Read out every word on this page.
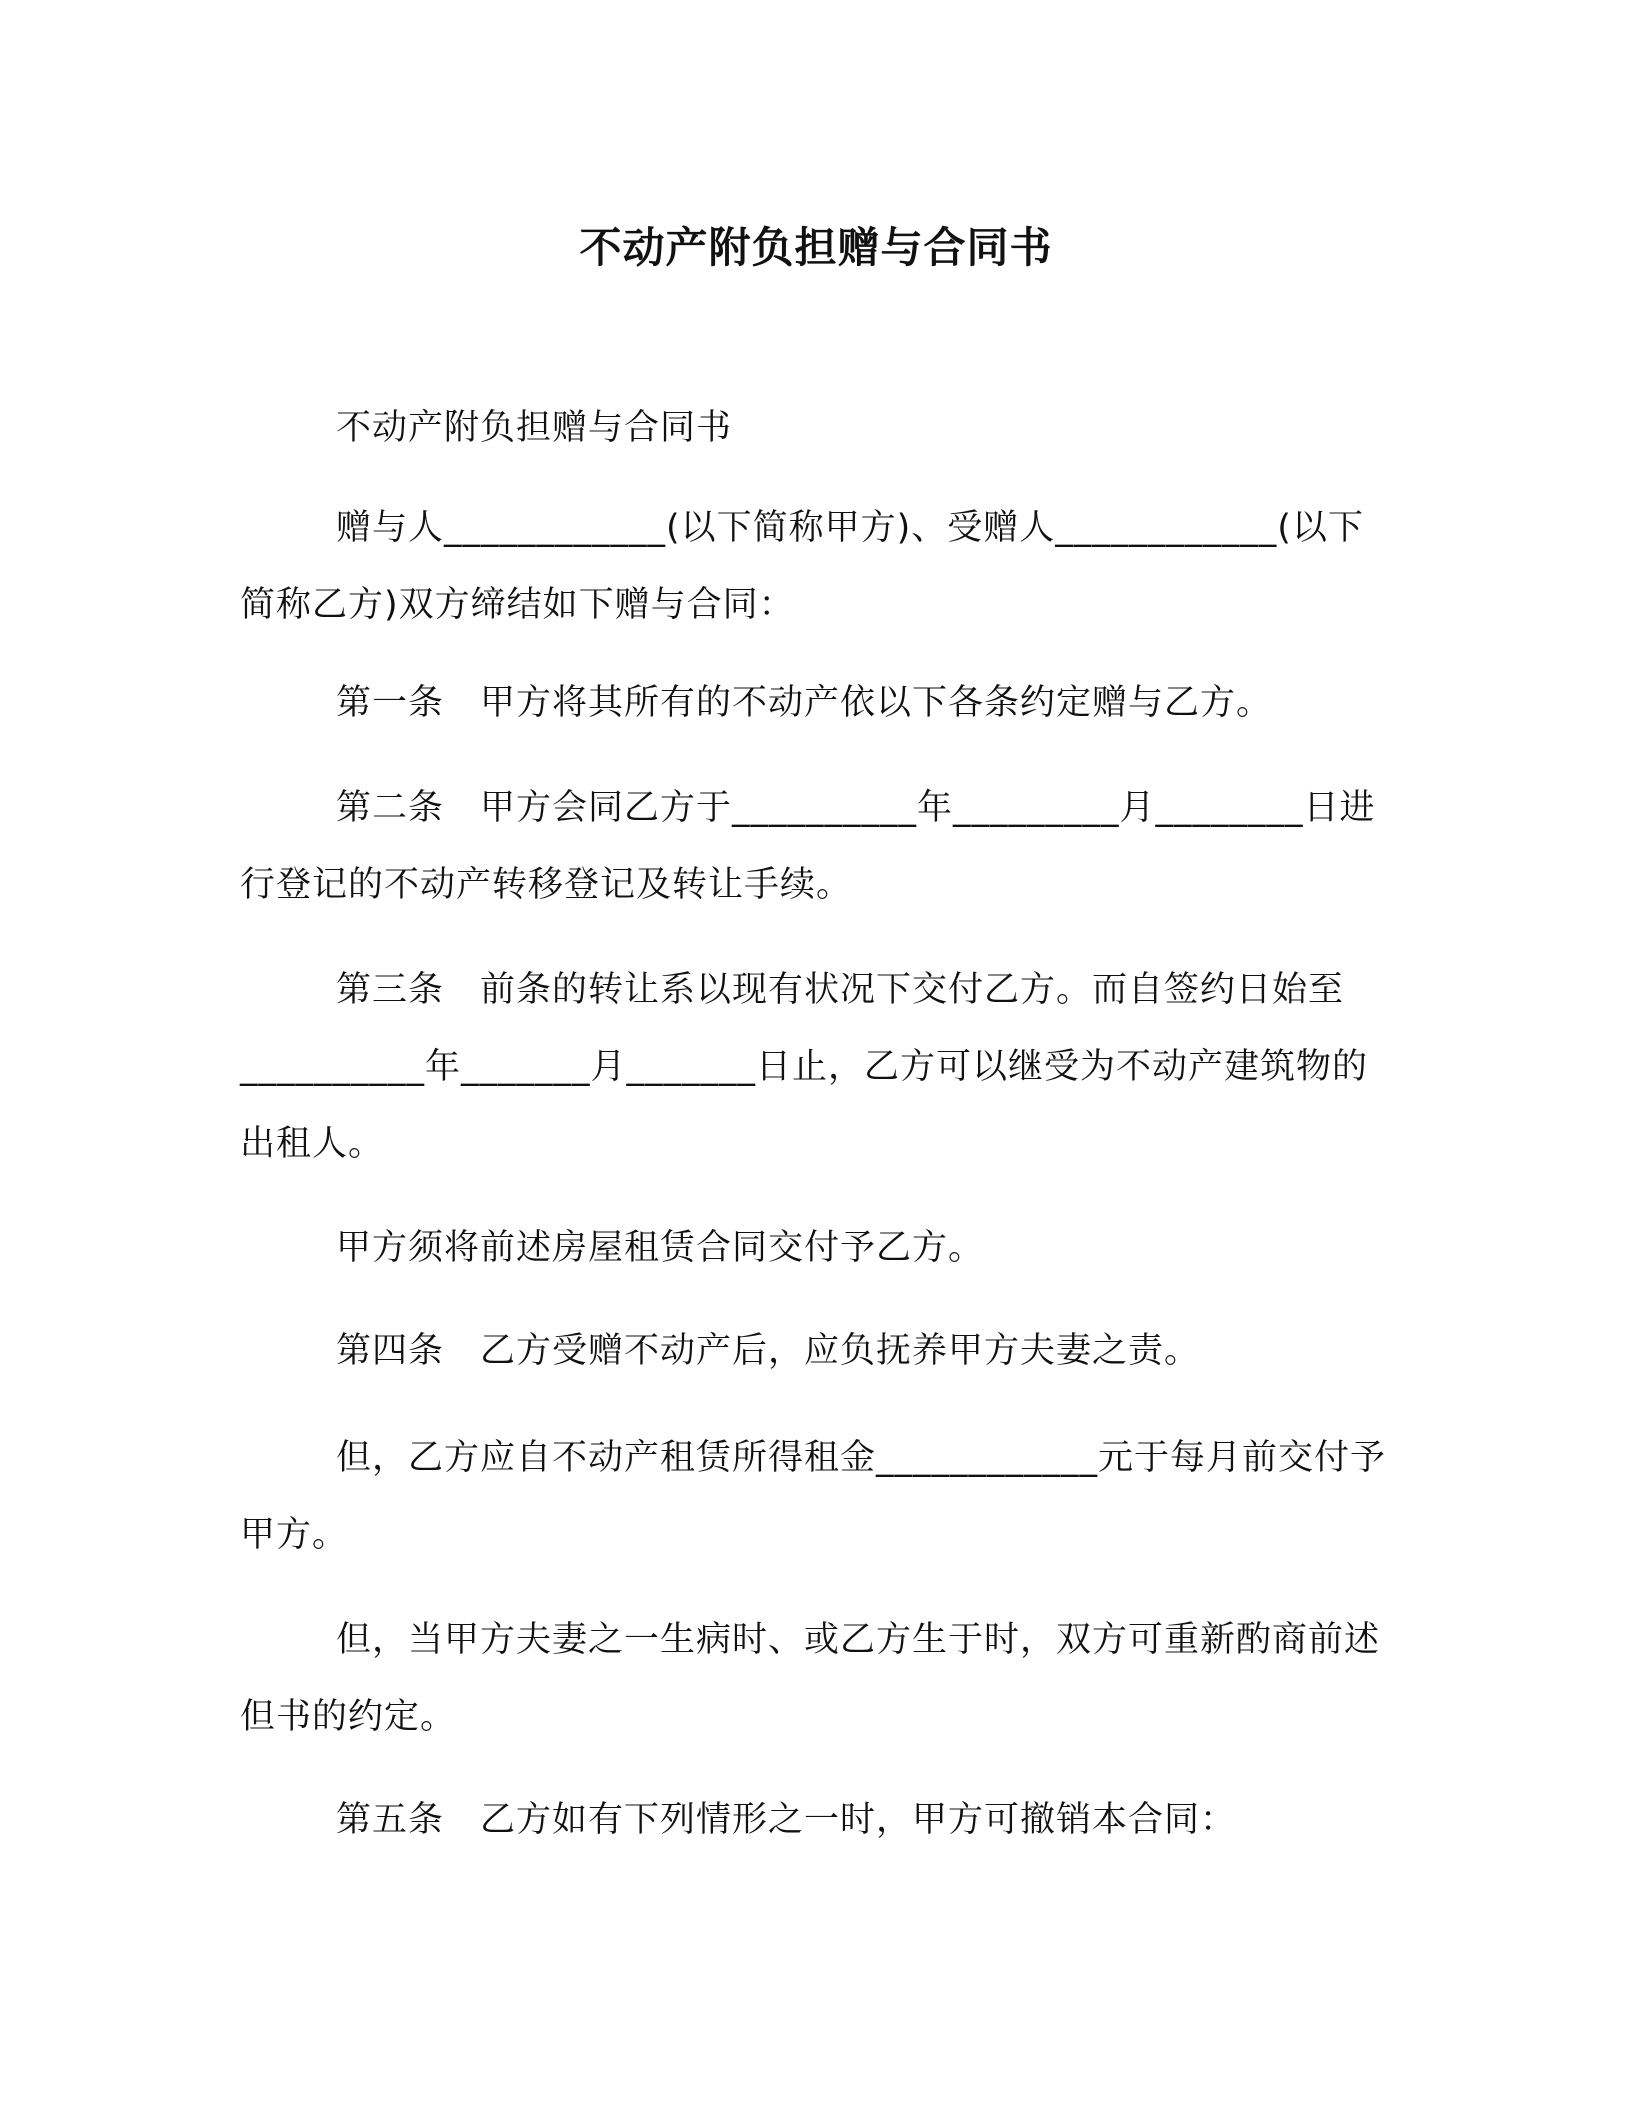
不动产附负担赠与合同书

不动产附负担赠与合同书

赠与人____________(以下简称甲方)、受赠人____________(以下简称乙方)双方缔结如下赠与合同：

第一条　甲方将其所有的不动产依以下各条约定赠与乙方。

第二条　甲方会同乙方于__________年_________月________日进行登记的不动产转移登记及转让手续。

第三条　前条的转让系以现有状况下交付乙方。而自签约日始至__________年_______月_______日止，乙方可以继受为不动产建筑物的出租人。

甲方须将前述房屋租赁合同交付予乙方。

第四条　乙方受赠不动产后，应负抚养甲方夫妻之责。

但，乙方应自不动产租赁所得租金____________元于每月前交付予甲方。

但，当甲方夫妻之一生病时、或乙方生于时，双方可重新酌商前述但书的约定。

第五条　乙方如有下列情形之一时，甲方可撤销本合同：
